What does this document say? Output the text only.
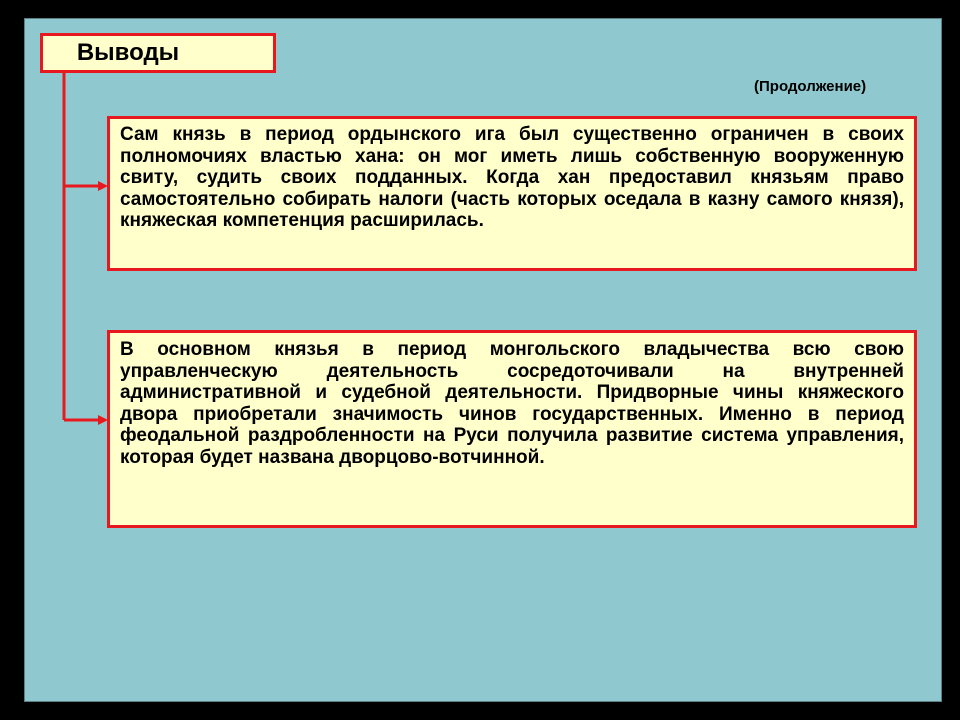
Выводы
(Продолжение)
Сам князь в период ордынского ига был существенно ограничен в своих полномочиях властью хана: он мог иметь лишь собственную вооруженную свиту, судить своих подданных. Когда хан предоставил князьям право самостоятельно собирать налоги (часть которых оседала в казну самого князя), княжеская компетенция расширилась.
В основном князья в период монгольского владычества всю свою управленческую деятельность сосредоточивали на внутренней административной и судебной деятельности. Придворные чины княжеского двора приобретали значимость чинов государственных. Именно в период феодальной раздробленности на Руси получила развитие система управления, которая будет названа дворцово-вотчинной.
